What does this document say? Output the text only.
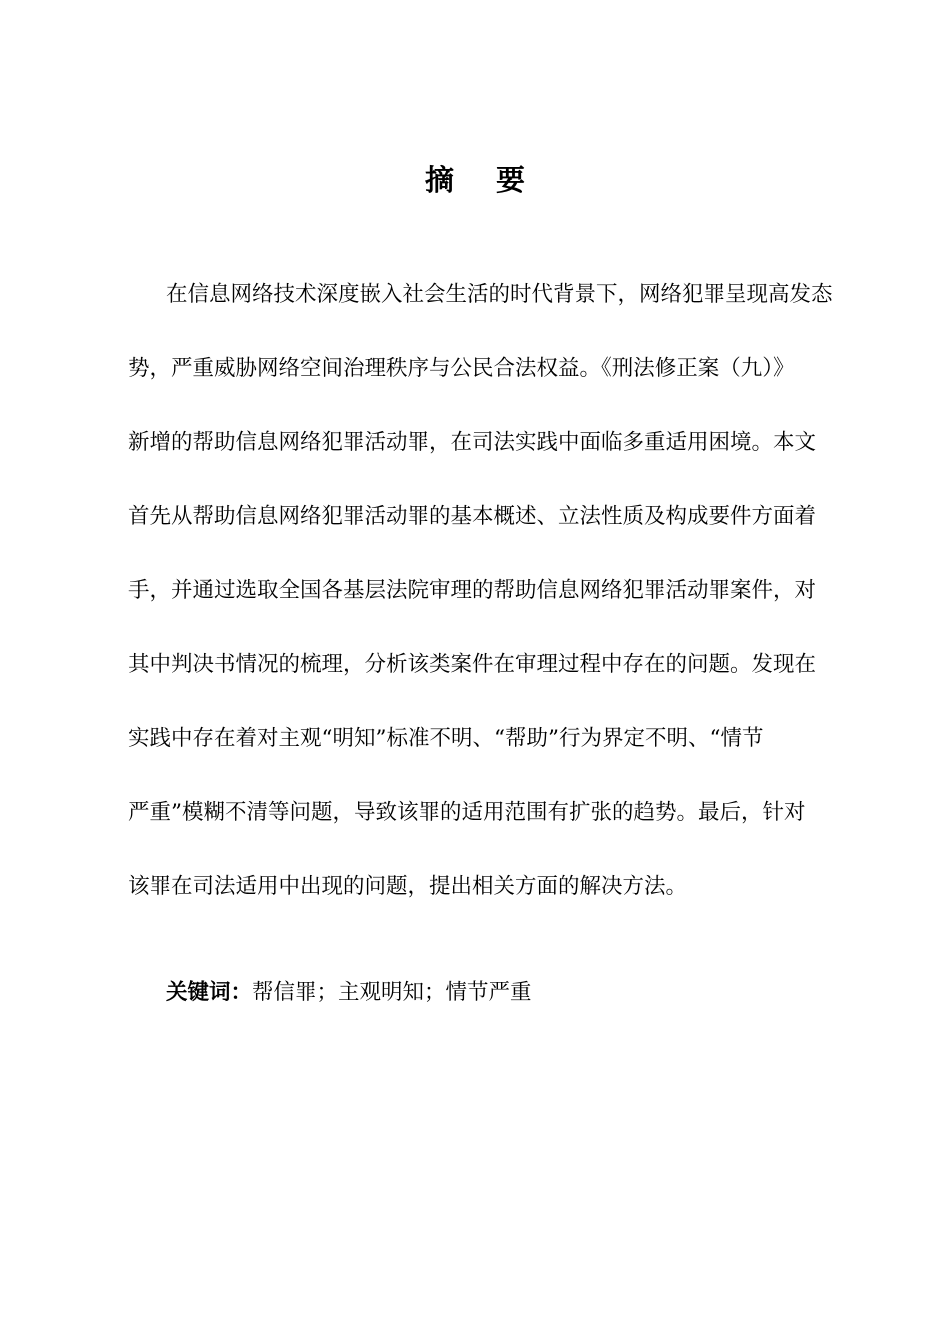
摘 要
在信息网络技术深度嵌入社会生活的时代背景下，网络犯罪呈现高发态
势，严重威胁网络空间治理秩序与公民合法权益。《刑法修正案（九）》
新增的帮助信息网络犯罪活动罪，在司法实践中面临多重适用困境。本文
首先从帮助信息网络犯罪活动罪的基本概述、立法性质及构成要件方面着
手，并通过选取全国各基层法院审理的帮助信息网络犯罪活动罪案件，对
其中判决书情况的梳理，分析该类案件在审理过程中存在的问题。发现在
实践中存在着对主观“明知”标准不明、“帮助”行为界定不明、“情节
严重”模糊不清等问题，导致该罪的适用范围有扩张的趋势。最后，针对
该罪在司法适用中出现的问题，提出相关方面的解决方法。
关键词：帮信罪；主观明知；情节严重
